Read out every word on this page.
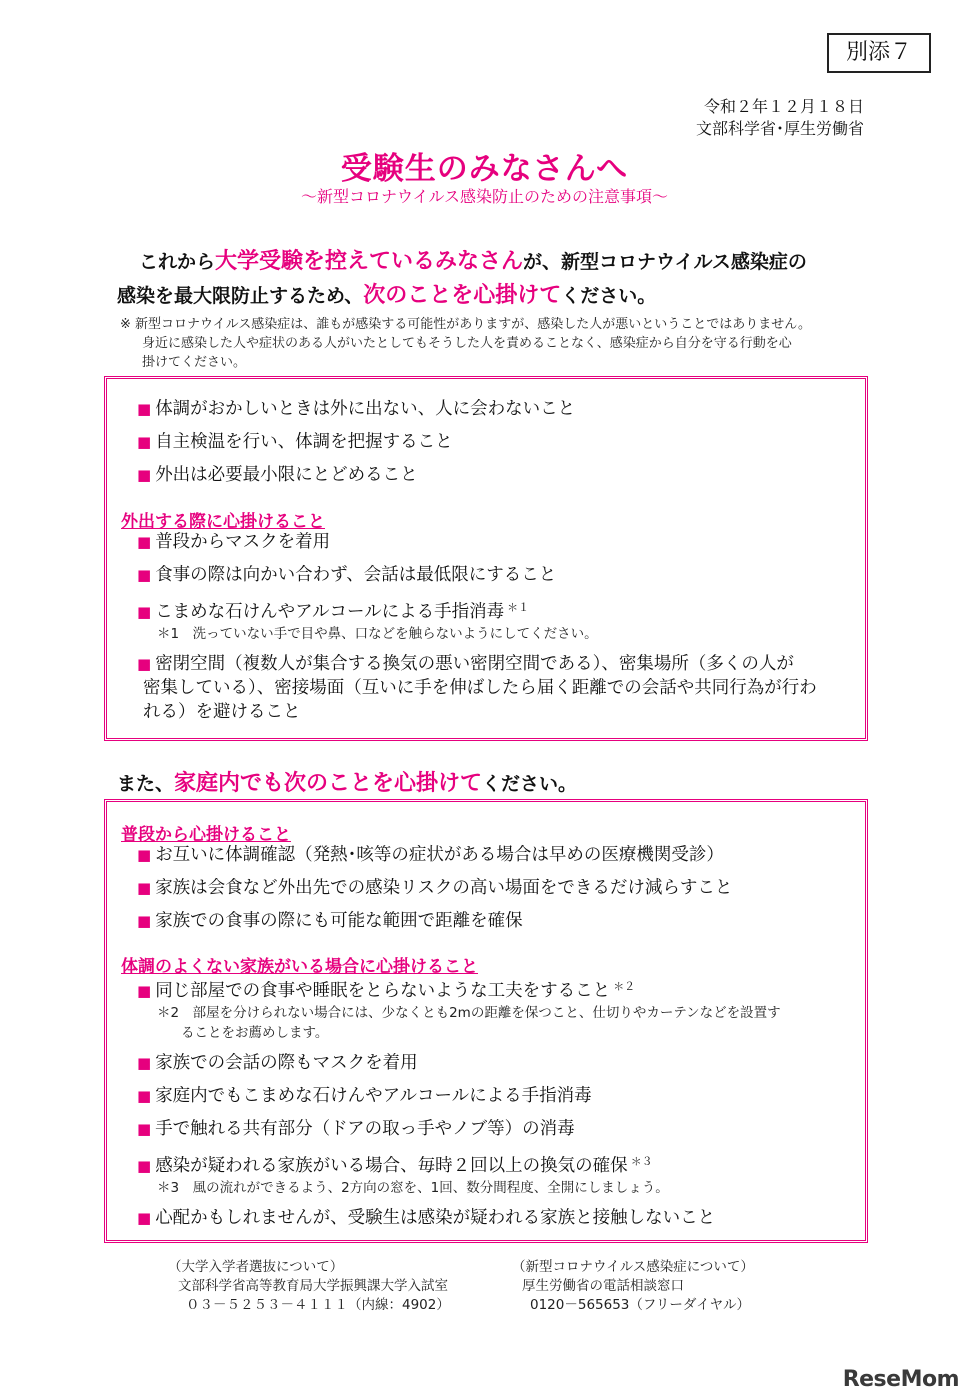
別添７
令和２年１２月１８日
文部科学省･厚生労働省
受験生のみなさんへ
～新型コロナウイルス感染防止のための注意事項～
これから大学受験を控えているみなさんが、新型コロナウイルス感染症の
感染を最大限防止するため、次のことを心掛けてください。
※ 新型コロナウイルス感染症は、誰もが感染する可能性がありますが、感染した人が悪いということではありません。
身近に感染した人や症状のある人がいたとしてもそうした人を責めることなく、感染症から自分を守る行動を心
掛けてください。
■ 体調がおかしいときは外に出ない、人に会わないこと
■ 自主検温を行い、体調を把握すること
■ 外出は必要最小限にとどめること
外出する際に心掛けること
■ 普段からマスクを着用
■ 食事の際は向かい合わず、会話は最低限にすること
■ こまめな石けんやアルコールによる手指消毒 $^{*1}$
＊1　洗っていない手で目や鼻、口などを触らないようにしてください。
■ 密閉空間（複数人が集合する換気の悪い密閉空間である）、密集場所（多くの人が
密集している）、密接場面（互いに手を伸ばしたら届く距離での会話や共同行為が行わ
れる）を避けること
また、家庭内でも次のことを心掛けてください。
普段から心掛けること
■ お互いに体調確認（発熱･咳等の症状がある場合は早めの医療機関受診）
■ 家族は会食など外出先での感染リスクの高い場面をできるだけ減らすこと
■ 家族での食事の際にも可能な範囲で距離を確保
体調のよくない家族がいる場合に心掛けること
■ 同じ部屋での食事や睡眠をとらないような工夫をすること $^{*2}$
＊2　部屋を分けられない場合には、少なくとも2mの距離を保つこと、仕切りやカーテンなどを設置す
ることをお薦めします。
■ 家族での会話の際もマスクを着用
■ 家庭内でもこまめな石けんやアルコールによる手指消毒
■ 手で触れる共有部分（ドアの取っ手やノブ等）の消毒
■ 感染が疑われる家族がいる場合、毎時２回以上の換気の確保 $^{*3}$
＊3　風の流れができるよう、2方向の窓を、1回、数分間程度、全開にしましょう。
■ 心配かもしれませんが、受験生は感染が疑われる家族と接触しないこと
（大学入学者選抜について）
文部科学省高等教育局大学振興課大学入試室
０３－５２５３－４１１１（内線：4902）
（新型コロナウイルス感染症について）
厚生労働省の電話相談窓口
0120－565653（フリーダイヤル）
ReseMom
